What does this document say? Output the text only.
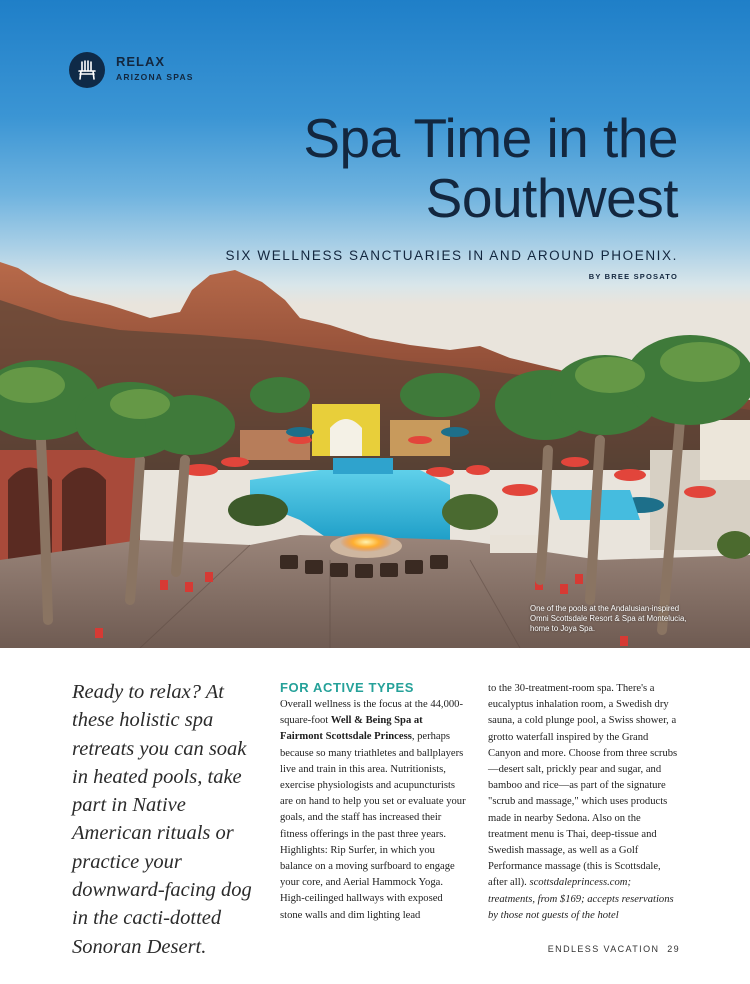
RELAX
ARIZONA SPAS
Spa Time in the
Southwest
SIX WELLNESS SANCTUARIES IN AND AROUND PHOENIX.
BY BREE SPOSATO
One of the pools at the Andalusian-inspired Omni Scottsdale Resort & Spa at Montelucia, home to Joya Spa.
Ready to relax? At these holistic spa retreats you can soak in heated pools, take part in Native American rituals or practice your downward-facing dog in the cacti-dotted Sonoran Desert.
FOR ACTIVE TYPES

Overall wellness is the focus at the 44,000-square-foot Well & Being Spa at Fairmont Scottsdale Princess, perhaps because so many triathletes and ballplayers live and train in this area. Nutritionists, exercise physiologists and acupuncturists are on hand to help you set or evaluate your goals, and the staff has increased their fitness offerings in the past three years. Highlights: Rip Surfer, in which you balance on a moving surfboard to engage your core, and Aerial Hammock Yoga. High-ceilinged hallways with exposed stone walls and dim lighting lead

to the 30-treatment-room spa. There's a eucalyptus inhalation room, a Swedish dry sauna, a cold plunge pool, a Swiss shower, a grotto waterfall inspired by the Grand Canyon and more. Choose from three scrubs—desert salt, prickly pear and sugar, and bamboo and rice—as part of the signature "scrub and massage," which uses products made in nearby Sedona. Also on the treatment menu is Thai, deep-tissue and Swedish massage, as well as a Golf Performance massage (this is Scottsdale, after all). scottsdaleprincess.com; treatments, from $169; accepts reservations by those not guests of the hotel

ENDLESS VACATION 29
